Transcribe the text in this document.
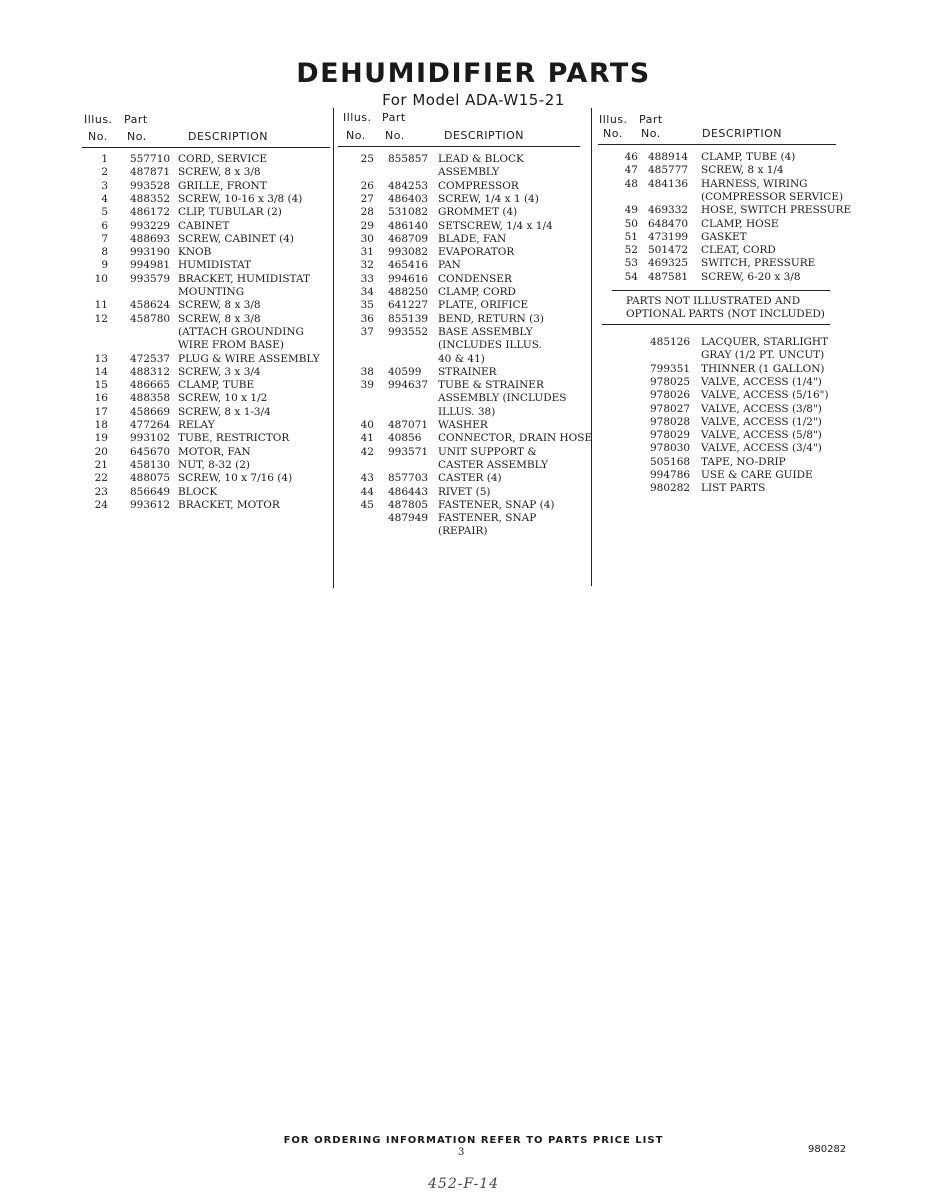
DEHUMIDIFIER PARTS
For Model ADA-W15-21
Illus. Part
No. No.	DESCRIPTION
Illus. Part
No. No.	DESCRIPTION
Illus. Part
No. No.	DESCRIPTION
1 557710 CORD, SERVICE
2 487871 SCREW, 8 x 3/8
3 993528 GRILLE, FRONT
4 488352 SCREW, 10-16 x 3/8 (4)
5 486172 CLIP, TUBULAR (2)
6 993229 CABINET
7 488693 SCREW, CABINET (4)
8 993190 KNOB
9 994981 HUMIDISTAT
10 993579 BRACKET, HUMIDISTAT
MOUNTING
11 458624 SCREW, 8 x 3/8
12 458780 SCREW, 8 x 3/8
(ATTACH GROUNDING
WIRE FROM BASE)
13 472537 PLUG & WIRE ASSEMBLY
14 488312 SCREW, 3 x 3/4
15 486665 CLAMP, TUBE
16 488358 SCREW, 10 x 1/2
17 458669 SCREW, 8 x 1-3/4
18 477264 RELAY
19 993102 TUBE, RESTRICTOR
20 645670 MOTOR, FAN
21 458130 NUT, 8-32 (2)
22 488075 SCREW, 10 x 7/16 (4)
23 856649 BLOCK
24 993612 BRACKET, MOTOR
25 855857 LEAD & BLOCK
ASSEMBLY
26 484253 COMPRESSOR
27 486403 SCREW, 1/4 x 1 (4)
28 531082 GROMMET (4)
29 486140 SETSCREW, 1/4 x 1/4
30 468709 BLADE, FAN
31 993082 EVAPORATOR
32 465416 PAN
33 994616 CONDENSER
34 488250 CLAMP, CORD
35 641227 PLATE, ORIFICE
36 855139 BEND, RETURN (3)
37 993552 BASE ASSEMBLY
(INCLUDES ILLUS.
40 & 41)
38 40599 STRAINER
39 994637 TUBE & STRAINER
ASSEMBLY (INCLUDES
ILLUS. 38)
40 487071 WASHER
41 40856 CONNECTOR, DRAIN HOSE
42 993571 UNIT SUPPORT &
CASTER ASSEMBLY
43 857703 CASTER (4)
44 486443 RIVET (5)
45 487805 FASTENER, SNAP (4)
487949 FASTENER, SNAP
(REPAIR)
46 488914 CLAMP, TUBE (4)
47 485777 SCREW, 8 x 1/4
48 484136 HARNESS, WIRING
(COMPRESSOR SERVICE)
49 469332 HOSE, SWITCH PRESSURE
50 648470 CLAMP, HOSE
51 473199 GASKET
52 501472 CLEAT, CORD
53 469325 SWITCH, PRESSURE
54 487581 SCREW, 6-20 x 3/8
PARTS NOT ILLUSTRATED AND
OPTIONAL PARTS (NOT INCLUDED)
485126 LACQUER, STARLIGHT
GRAY (1/2 PT. UNCUT)
799351 THINNER (1 GALLON)
978025 VALVE, ACCESS (1/4")
978026 VALVE, ACCESS (5/16")
978027 VALVE, ACCESS (3/8")
978028 VALVE, ACCESS (1/2")
978029 VALVE, ACCESS (5/8")
978030 VALVE, ACCESS (3/4")
505168 TAPE, NO-DRIP
994786 USE & CARE GUIDE
980282 LIST PARTS
FOR ORDERING INFORMATION REFER TO PARTS PRICE LIST
3	980282
452-F-14
